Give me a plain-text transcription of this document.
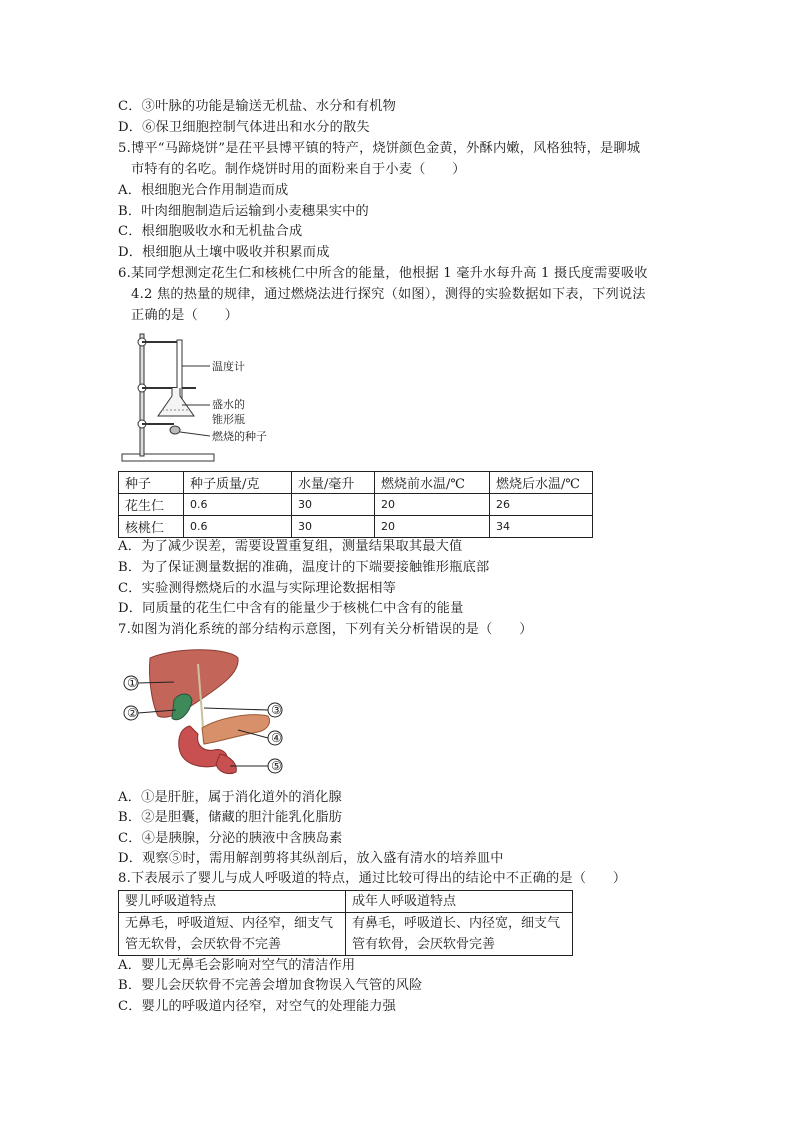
C．③叶脉的功能是输送无机盐、水分和有机物
D．⑥保卫细胞控制气体进出和水分的散失
5.博平“马蹄烧饼”是茌平县博平镇的特产，烧饼颜色金黄，外酥内嫩，风格独特，是聊城
市特有的名吃。制作烧饼时用的面粉来自于小麦（　　）
A．根细胞光合作用制造而成
B．叶肉细胞制造后运输到小麦穗果实中的
C．根细胞吸收水和无机盐合成
D．根细胞从土壤中吸收并积累而成
6.某同学想测定花生仁和核桃仁中所含的能量，他根据 1 毫升水每升高 1 摄氏度需要吸收
4.2 焦的热量的规律，通过燃烧法进行探究（如图），测得的实验数据如下表，下列说法
正确的是（　　）
温度计
盛水的
锥形瓶
燃烧的种子
种子	种子质量/克	水量/毫升	燃烧前水温/℃	燃烧后水温/℃
花生仁	0.6	30	20	26
核桃仁	0.6	30	20	34
A．为了减少误差，需要设置重复组，测量结果取其最大值
B．为了保证测量数据的准确，温度计的下端要接触锥形瓶底部
C．实验测得燃烧后的水温与实际理论数据相等
D．同质量的花生仁中含有的能量少于核桃仁中含有的能量
7.如图为消化系统的部分结构示意图，下列有关分析错误的是（　　）
①
②	③
④
⑤
A．①是肝脏，属于消化道外的消化腺
B．②是胆囊，储藏的胆汁能乳化脂肪
C．④是胰腺，分泌的胰液中含胰岛素
D．观察⑤时，需用解剖剪将其纵剖后，放入盛有清水的培养皿中
8.下表展示了婴儿与成人呼吸道的特点，通过比较可得出的结论中不正确的是（　　）
婴儿呼吸道特点	成年人呼吸道特点
无鼻毛，呼吸道短、内径窄，细支气管无软骨，会厌软骨不完善	有鼻毛，呼吸道长、内径宽，细支气管有软骨，会厌软骨完善
A．婴儿无鼻毛会影响对空气的清洁作用
B．婴儿会厌软骨不完善会增加食物误入气管的风险
C．婴儿的呼吸道内径窄，对空气的处理能力强
